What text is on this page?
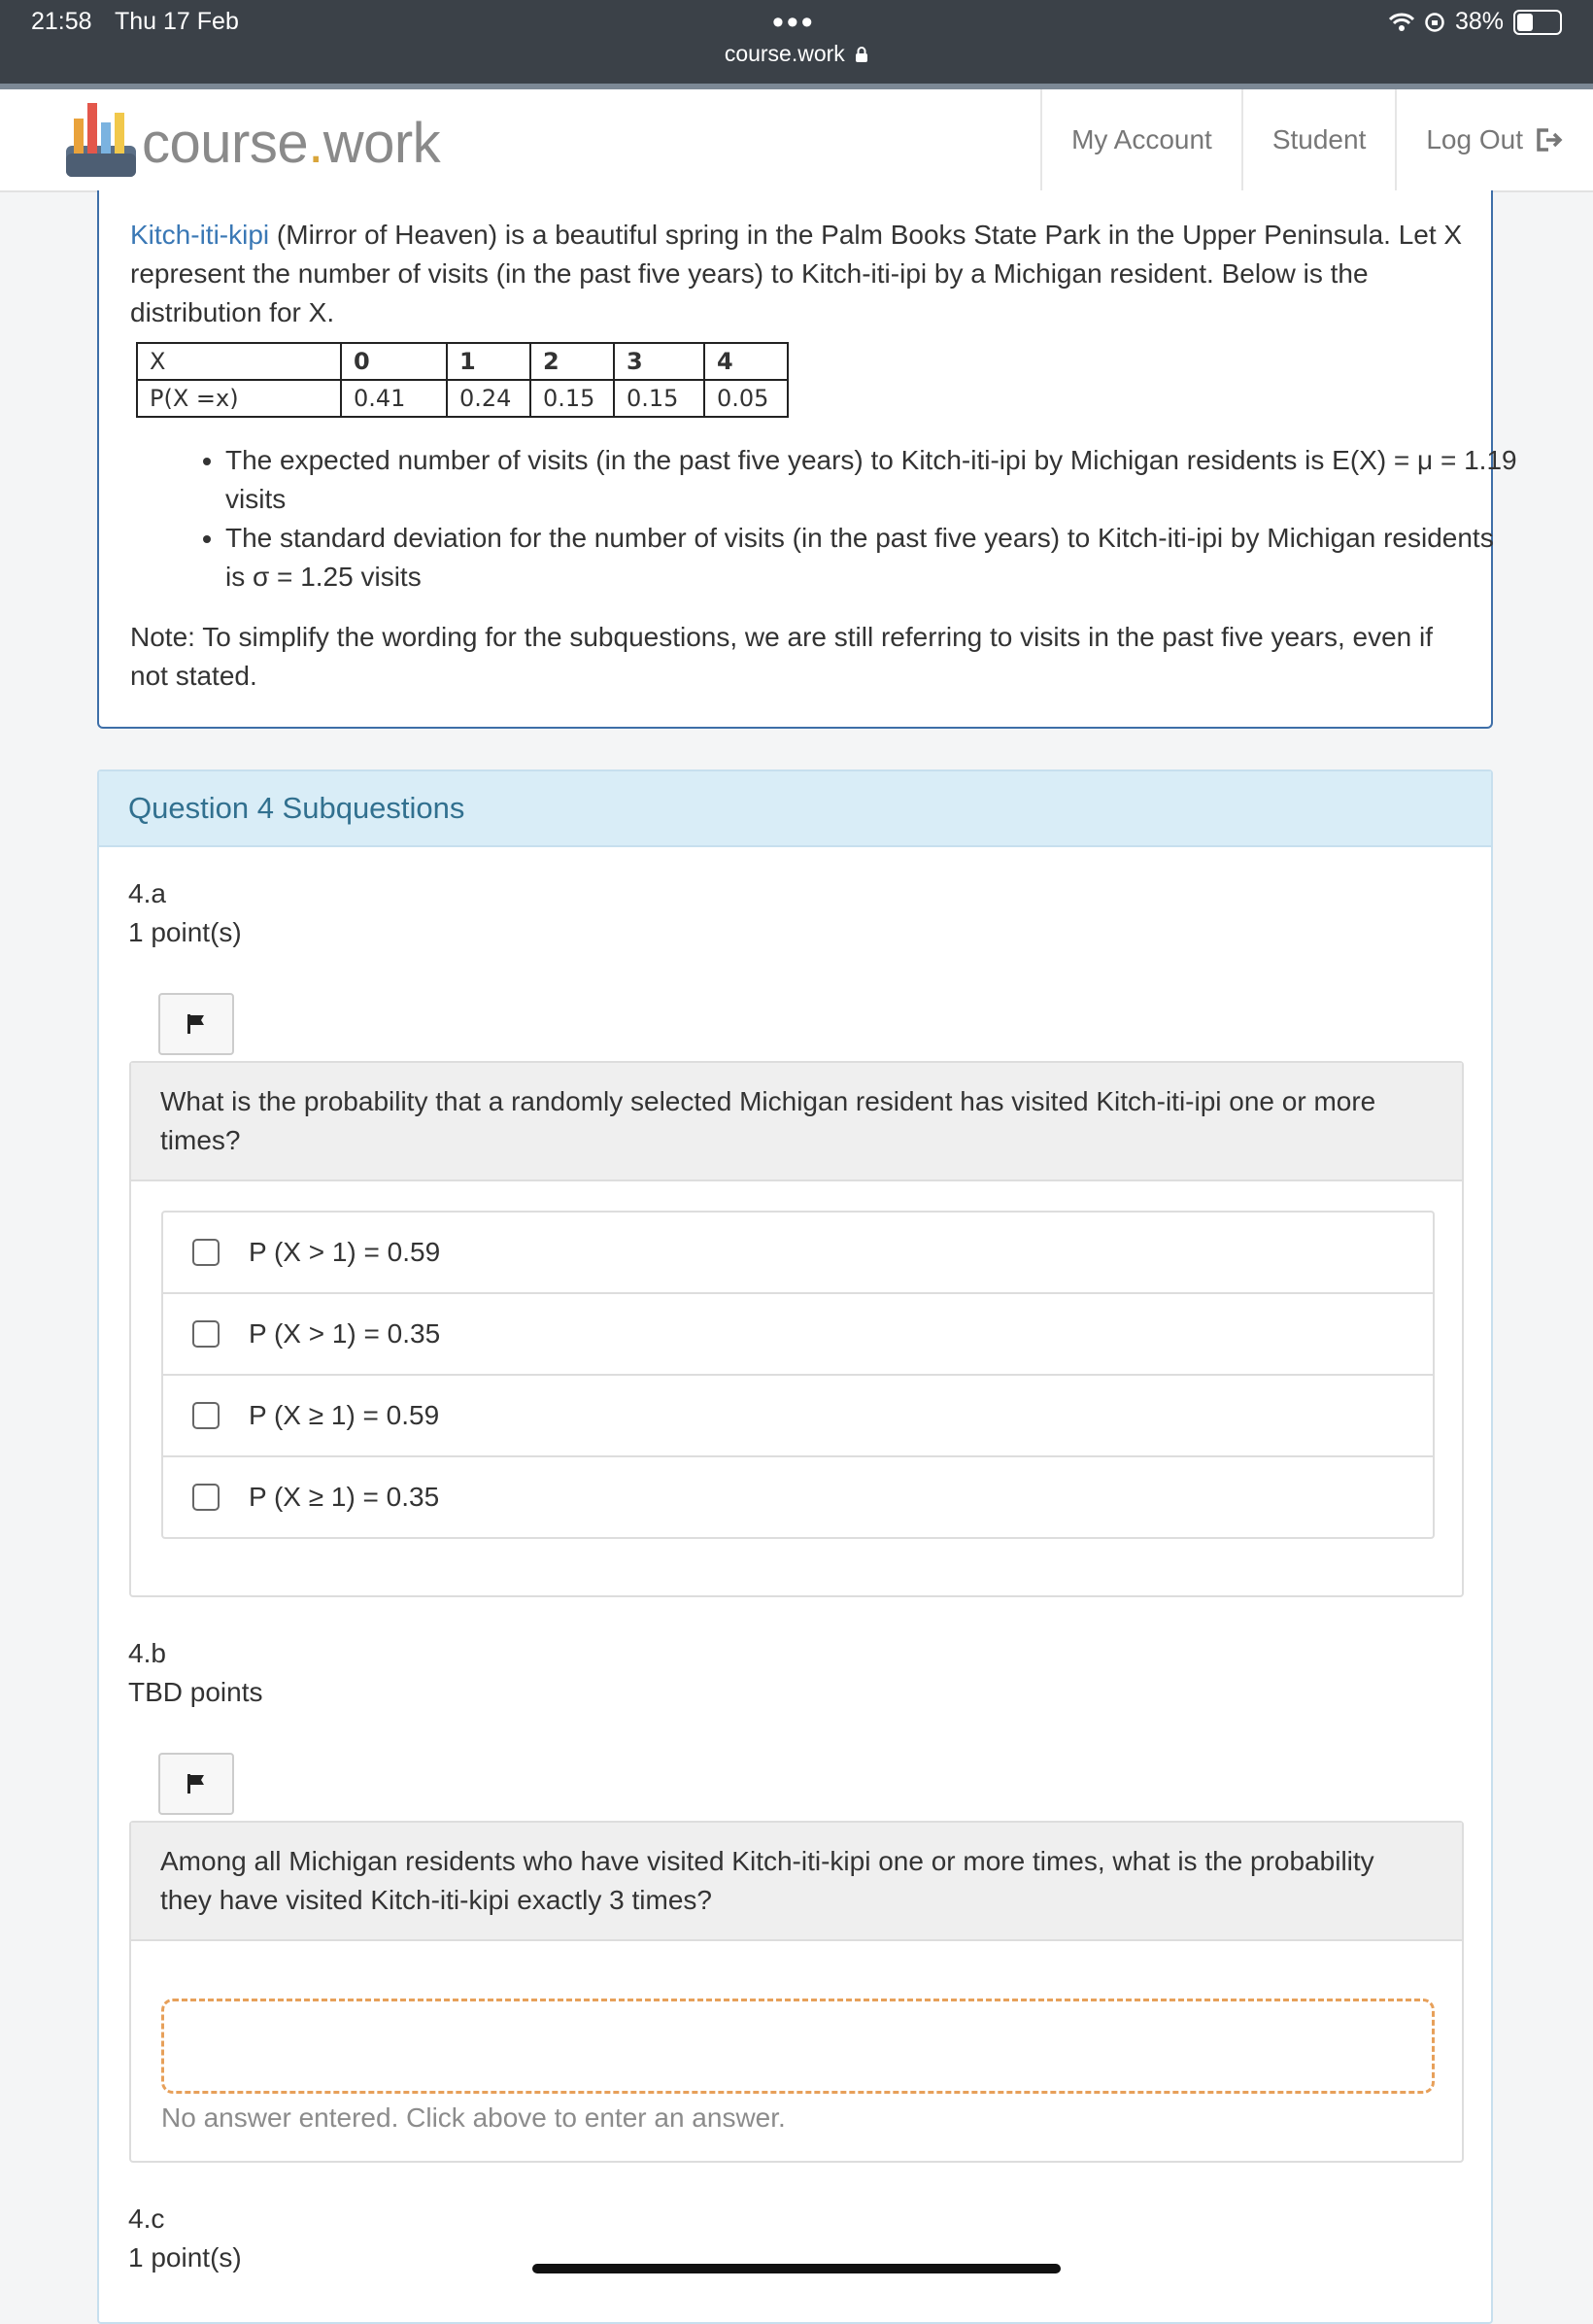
21:58 Thu 17 Feb	•••
course.work
38%
course.work	My Account	Student	Log Out

Kitch-iti-kipi (Mirror of Heaven) is a beautiful spring in the Palm Books State Park in the Upper Peninsula. Let X represent the number of visits (in the past five years) to Kitch-iti-ipi by a Michigan resident. Below is the distribution for X.

X	0	1	2	3	4
P(X =x)	0.41	0.24	0.15	0.15	0.05
• The expected number of visits (in the past five years) to Kitch-iti-ipi by Michigan residents is E(X) = μ = 1.19 visits
• The standard deviation for the number of visits (in the past five years) to Kitch-iti-ipi by Michigan residents is σ = 1.25 visits

Note: To simplify the wording for the subquestions, we are still referring to visits in the past five years, even if not stated.

Question 4 Subquestions
4.a
1 point(s)
What is the probability that a randomly selected Michigan resident has visited Kitch-iti-ipi one or more times?
P (X > 1) = 0.59
P (X > 1) = 0.35
P (X ≥ 1) = 0.59
P (X ≥ 1) = 0.35
4.b
TBD points
Among all Michigan residents who have visited Kitch-iti-kipi one or more times, what is the probability they have visited Kitch-iti-kipi exactly 3 times?
No answer entered. Click above to enter an answer.
4.c
1 point(s)
